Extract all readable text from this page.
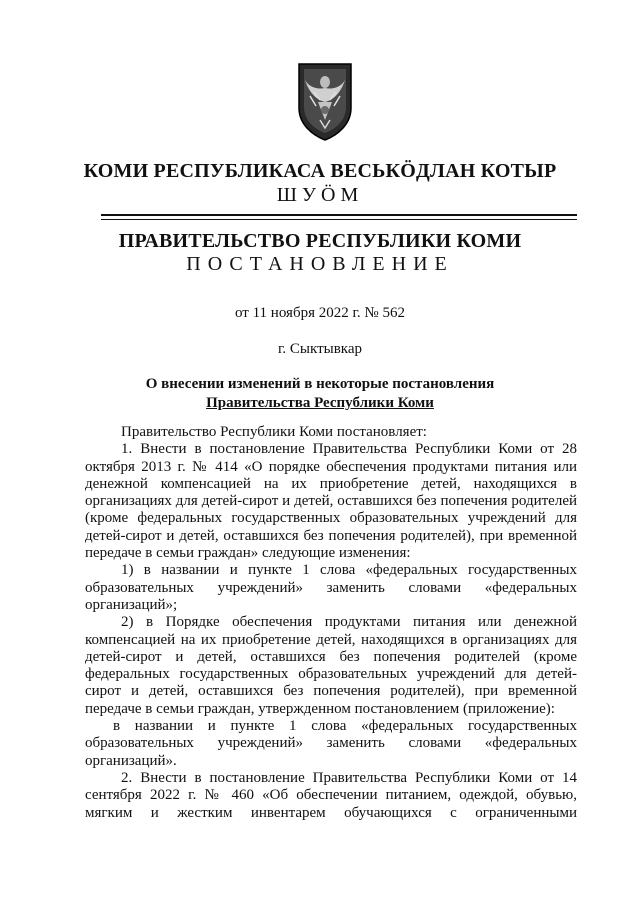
КОМИ РЕСПУБЛИКАСА ВЕСЬКӦДЛАН КОТЫР
ШУӦМ
ПРАВИТЕЛЬСТВО РЕСПУБЛИКИ КОМИ
ПОСТАНОВЛЕНИЕ
от 11 ноября 2022 г. № 562
г. Сыктывкар
О внесении изменений в некоторые постановления
Правительства Республики Коми
Правительство Республики Коми постановляет:
1. Внести в постановление Правительства Республики Коми от 28
октября 2013 г. № 414 «О порядке обеспечения продуктами питания или
денежной компенсацией на их приобретение детей, находящихся в
организациях для детей-сирот и детей, оставшихся без попечения родителей
(кроме федеральных государственных образовательных учреждений для
детей-сирот и детей, оставшихся без попечения родителей), при временной
передаче в семьи граждан» следующие изменения:
1) в названии и пункте 1 слова «федеральных государственных
образовательных учреждений» заменить словами «федеральных
организаций»;
2) в Порядке обеспечения продуктами питания или денежной
компенсацией на их приобретение детей, находящихся в организациях для
детей-сирот и детей, оставшихся без попечения родителей (кроме
федеральных государственных образовательных учреждений для детей-
сирот и детей, оставшихся без попечения родителей), при временной
передаче в семьи граждан, утвержденном постановлением (приложение):
в названии и пункте 1 слова «федеральных государственных
образовательных учреждений» заменить словами «федеральных
организаций».
2. Внести в постановление Правительства Республики Коми от 14
сентября 2022 г. № 460 «Об обеспечении питанием, одеждой, обувью,
мягким и жестким инвентарем обучающихся с ограниченными
